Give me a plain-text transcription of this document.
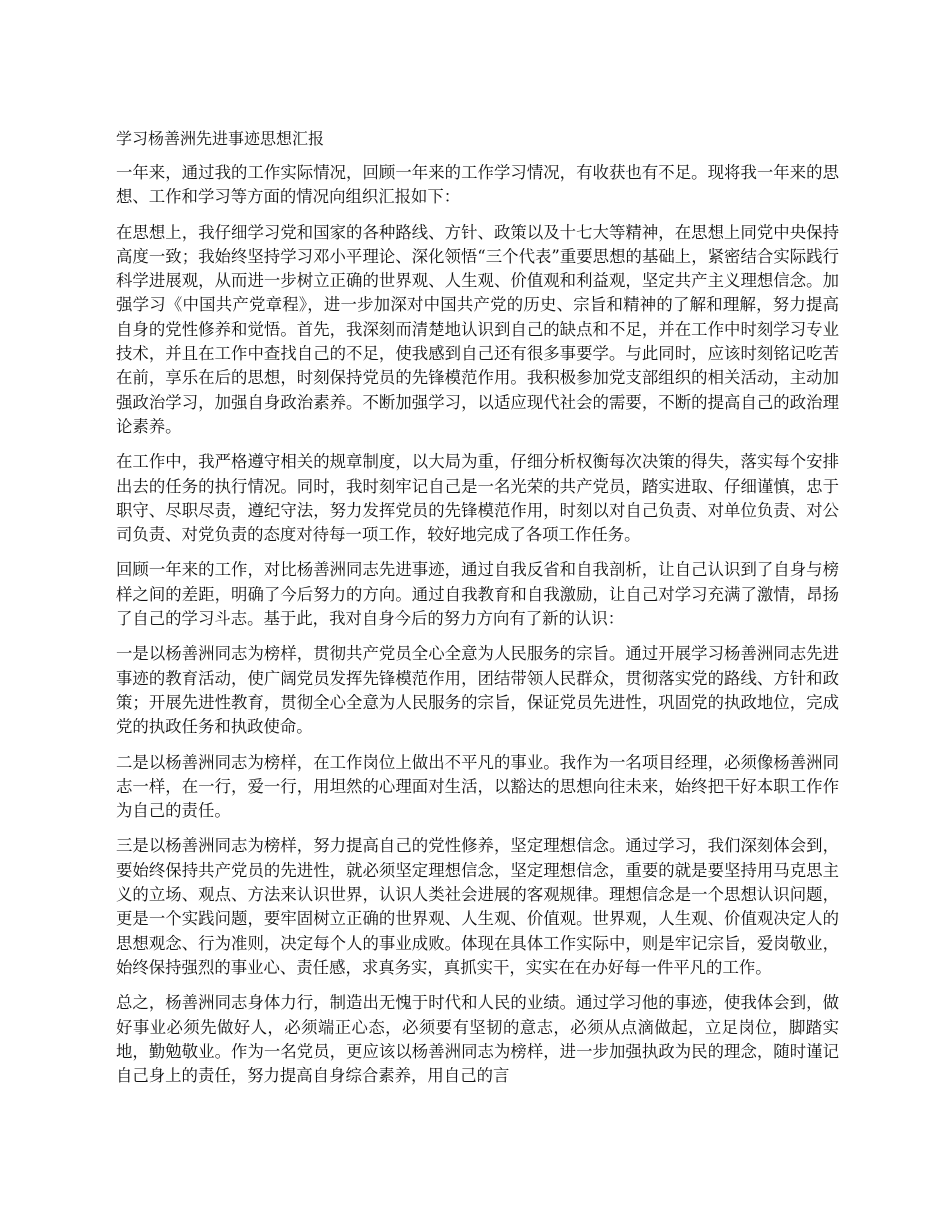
学习杨善洲先进事迹思想汇报

一年来，通过我的工作实际情况，回顾一年来的工作学习情况，有收获也有不足。现将我一年来的思想、工作和学习等方面的情况向组织汇报如下：

在思想上，我仔细学习党和国家的各种路线、方针、政策以及十七大等精神，在思想上同党中央保持高度一致；我始终坚持学习邓小平理论、深化领悟“三个代表”重要思想的基础上，紧密结合实际践行科学进展观，从而进一步树立正确的世界观、人生观、价值观和利益观，坚定共产主义理想信念。加强学习《中国共产党章程》，进一步加深对中国共产党的历史、宗旨和精神的了解和理解，努力提高自身的党性修养和觉悟。首先，我深刻而清楚地认识到自己的缺点和不足，并在工作中时刻学习专业技术，并且在工作中查找自己的不足，使我感到自己还有很多事要学。与此同时，应该时刻铭记吃苦在前，享乐在后的思想，时刻保持党员的先锋模范作用。我积极参加党支部组织的相关活动，主动加强政治学习，加强自身政治素养。不断加强学习，以适应现代社会的需要，不断的提高自己的政治理论素养。

在工作中，我严格遵守相关的规章制度，以大局为重，仔细分析权衡每次决策的得失，落实每个安排出去的任务的执行情况。同时，我时刻牢记自己是一名光荣的共产党员，踏实进取、仔细谨慎，忠于职守、尽职尽责，遵纪守法，努力发挥党员的先锋模范作用，时刻以对自己负责、对单位负责、对公司负责、对党负责的态度对待每一项工作，较好地完成了各项工作任务。

回顾一年来的工作，对比杨善洲同志先进事迹，通过自我反省和自我剖析，让自己认识到了自身与榜样之间的差距，明确了今后努力的方向。通过自我教育和自我激励，让自己对学习充满了激情，昂扬了自己的学习斗志。基于此，我对自身今后的努力方向有了新的认识：

一是以杨善洲同志为榜样，贯彻共产党员全心全意为人民服务的宗旨。通过开展学习杨善洲同志先进事迹的教育活动，使广阔党员发挥先锋模范作用，团结带领人民群众，贯彻落实党的路线、方针和政策；开展先进性教育，贯彻全心全意为人民服务的宗旨，保证党员先进性，巩固党的执政地位，完成党的执政任务和执政使命。

二是以杨善洲同志为榜样，在工作岗位上做出不平凡的事业。我作为一名项目经理，必须像杨善洲同志一样，在一行，爱一行，用坦然的心理面对生活，以豁达的思想向往未来，始终把干好本职工作作为自己的责任。

三是以杨善洲同志为榜样，努力提高自己的党性修养，坚定理想信念。通过学习，我们深刻体会到，要始终保持共产党员的先进性，就必须坚定理想信念，坚定理想信念，重要的就是要坚持用马克思主义的立场、观点、方法来认识世界，认识人类社会进展的客观规律。理想信念是一个思想认识问题，更是一个实践问题，要牢固树立正确的世界观、人生观、价值观。世界观，人生观、价值观决定人的思想观念、行为准则，决定每个人的事业成败。体现在具体工作实际中，则是牢记宗旨，爱岗敬业，始终保持强烈的事业心、责任感，求真务实，真抓实干，实实在在办好每一件平凡的工作。

总之，杨善洲同志身体力行，制造出无愧于时代和人民的业绩。通过学习他的事迹，使我体会到，做好事业必须先做好人，必须端正心态，必须要有坚韧的意志，必须从点滴做起，立足岗位，脚踏实地，勤勉敬业。作为一名党员，更应该以杨善洲同志为榜样，进一步加强执政为民的理念，随时谨记自己身上的责任，努力提高自身综合素养，用自己的言
